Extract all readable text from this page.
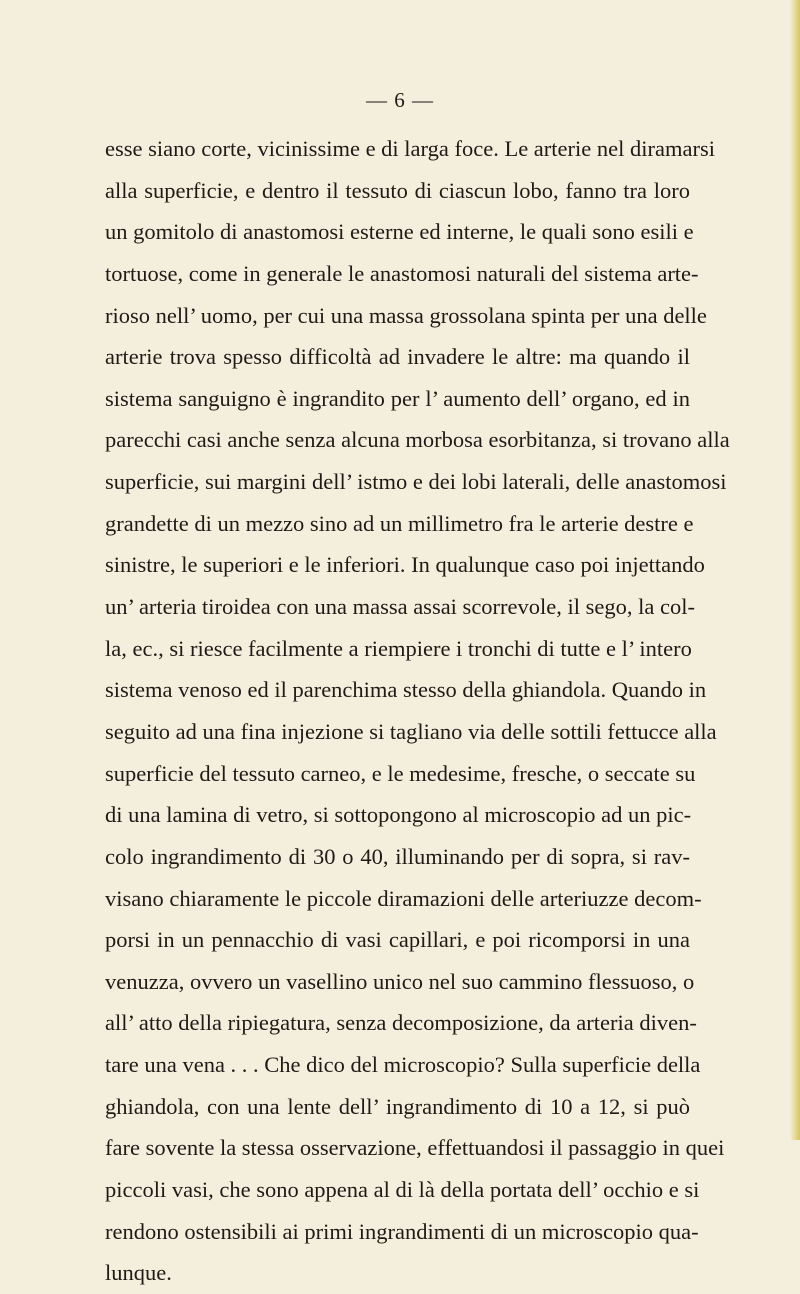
— 6 —
esse siano corte, vicinissime e di larga foce. Le arterie nel diramarsi
alla superficie, e dentro il tessuto di ciascun lobo, fanno tra loro
un gomitolo di anastomosi esterne ed interne, le quali sono esili e
tortuose, come in generale le anastomosi naturali del sistema arte-
rioso nell’ uomo, per cui una massa grossolana spinta per una delle
arterie trova spesso difficoltà ad invadere le altre: ma quando il
sistema sanguigno è ingrandito per l’ aumento dell’ organo, ed in
parecchi casi anche senza alcuna morbosa esorbitanza, si trovano alla
superficie, sui margini dell’ istmo e dei lobi laterali, delle anastomosi
grandette di un mezzo sino ad un millimetro fra le arterie destre e
sinistre, le superiori e le inferiori. In qualunque caso poi injettando
un’ arteria tiroidea con una massa assai scorrevole, il sego, la col-
la, ec., si riesce facilmente a riempiere i tronchi di tutte e l’ intero
sistema venoso ed il parenchima stesso della ghiandola. Quando in
seguito ad una fina injezione si tagliano via delle sottili fettucce alla
superficie del tessuto carneo, e le medesime, fresche, o seccate su
di una lamina di vetro, si sottopongono al microscopio ad un pic-
colo ingrandimento di 30 o 40, illuminando per di sopra, si rav-
visano chiaramente le piccole diramazioni delle arteriuzze decom-
porsi in un pennacchio di vasi capillari, e poi ricomporsi in una
venuzza, ovvero un vasellino unico nel suo cammino flessuoso, o
all’ atto della ripiegatura, senza decomposizione, da arteria diven-
tare una vena . . . Che dico del microscopio? Sulla superficie della
ghiandola, con una lente dell’ ingrandimento di 10 a 12, si può
fare sovente la stessa osservazione, effettuandosi il passaggio in quei
piccoli vasi, che sono appena al di là della portata dell’ occhio e si
rendono ostensibili ai primi ingrandimenti di un microscopio qua-
lunque.
